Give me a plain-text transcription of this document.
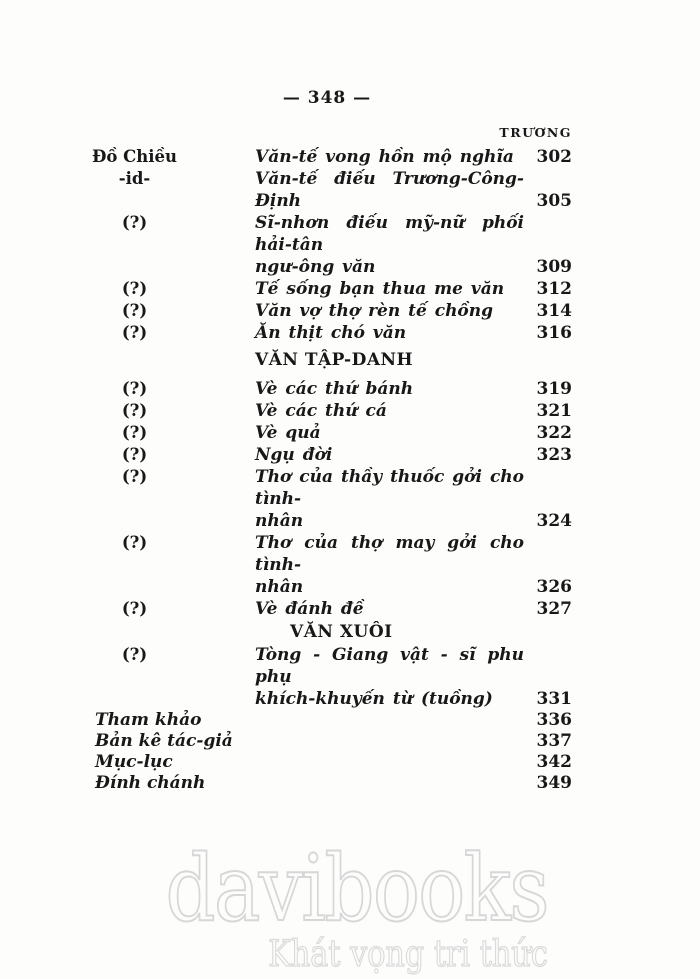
— 348 —
TRƯƠNG
Đồ Chiều	Văn-tế vong hồn mộ nghĩa	302
-id-	Văn-tế điếu Trương-Công-Định	305
(?)	Sĩ-nhơn điếu mỹ-nữ phối hải-tân
ngư-ông văn	309
(?)	Tế sống bạn thua me văn	312
(?)	Văn vợ thợ rèn tế chồng	314
(?)	Ăn thịt chó văn	316
VĂN TẬP-DANH
(?)	Vè các thứ bánh	319
(?)	Vè các thứ cá	321
(?)	Vè quả	322
(?)	Ngụ đời	323
(?)	Thơ của thầy thuốc gởi cho tình-
nhân	324
(?)	Thơ của thợ may gởi cho tình-
nhân	326
(?)	Vè đánh đề	327
VĂN XUÔI
(?)	Tòng - Giang vật - sĩ phu phụ
khích-khuyến từ (tuồng)	331
Tham khảo	336
Bản kê tác-giả	337
Mục-lục	342
Đính chánh	349
davibooks
Khát vọng tri thức
